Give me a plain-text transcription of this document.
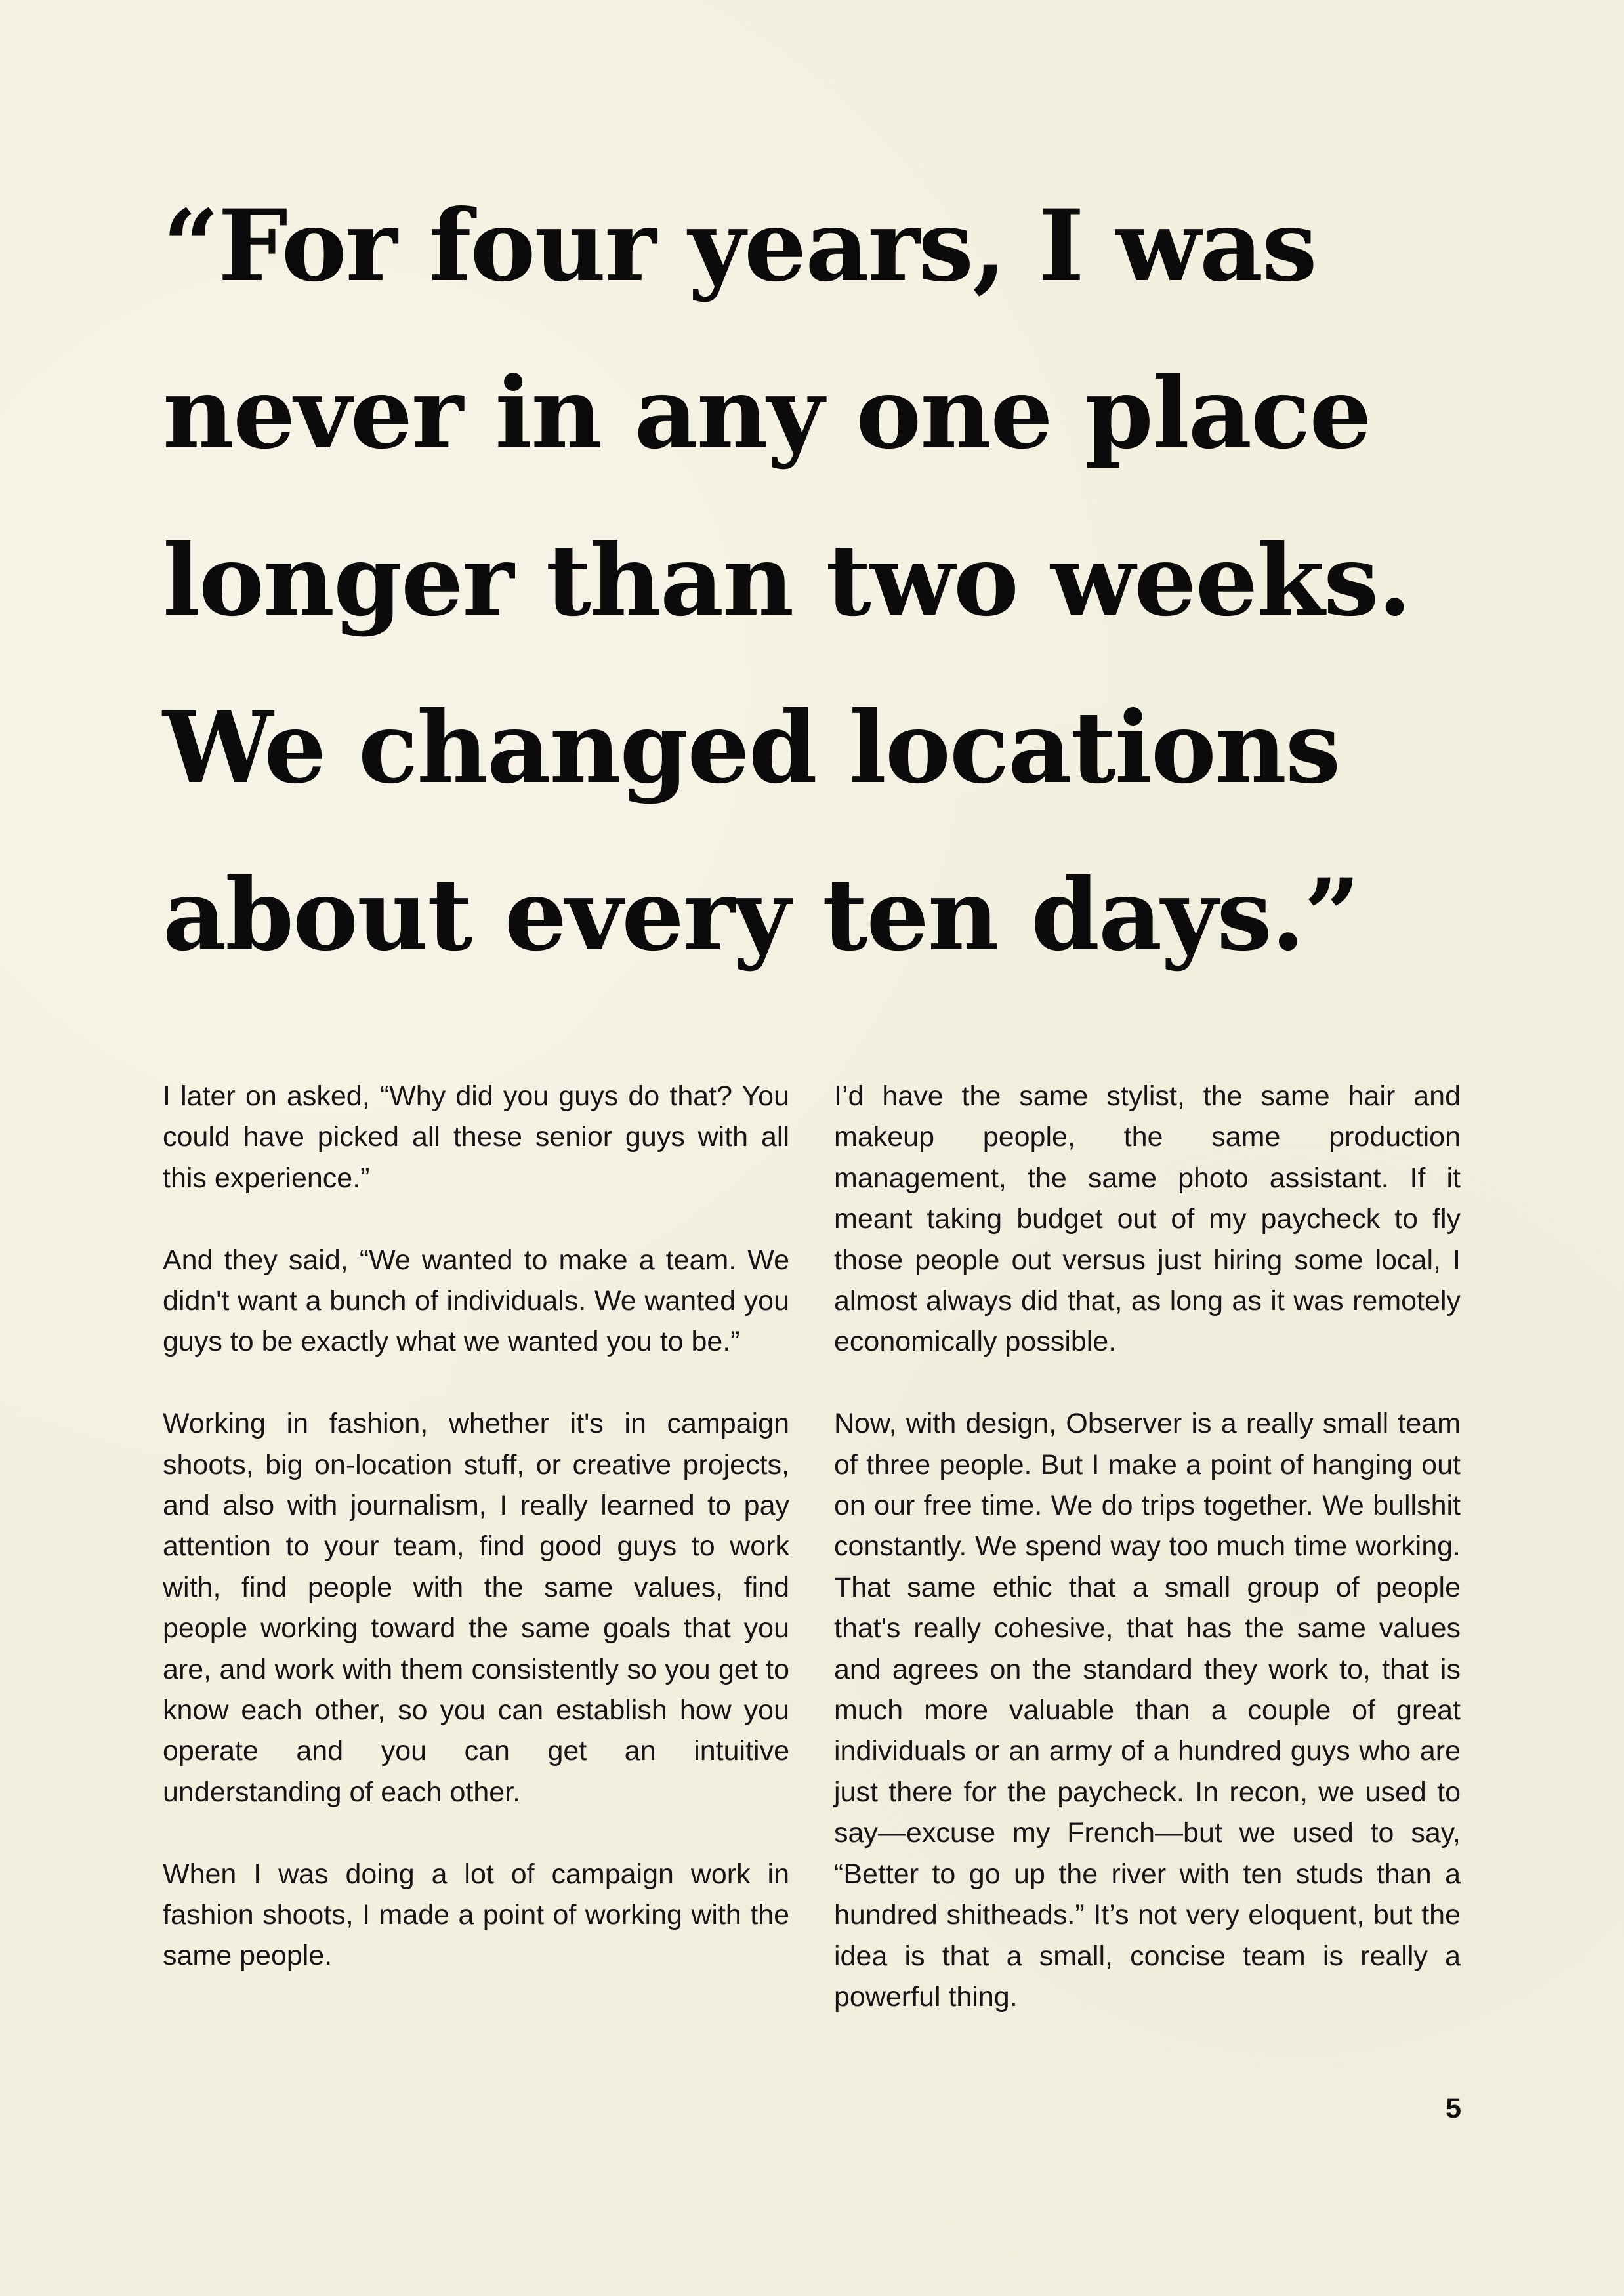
“For four years, I was
never in any one place
longer than two weeks.
We changed locations
about every ten days.”

I later on asked, “Why did you guys do that? You could have picked all these senior guys with all this experience.”

And they said, “We wanted to make a team. We didn't want a bunch of individuals. We wanted you guys to be exactly what we wanted you to be.”

Working in fashion, whether it's in campaign shoots, big on-location stuff, or creative projects, and also with journalism, I really learned to pay attention to your team, find good guys to work with, find people with the same values, find people working toward the same goals that you are, and work with them consistently so you get to know each other, so you can establish how you operate and you can get an intuitive understanding of each other.

When I was doing a lot of campaign work in fashion shoots, I made a point of working with the same people.

I’d have the same stylist, the same hair and makeup people, the same production management, the same photo assistant. If it meant taking budget out of my paycheck to fly those people out versus just hiring some local, I almost always did that, as long as it was remotely economically possible.

Now, with design, Observer is a really small team of three people. But I make a point of hanging out on our free time. We do trips together. We bullshit constantly. We spend way too much time working. That same ethic that a small group of people that's really cohesive, that has the same values and agrees on the standard they work to, that is much more valuable than a couple of great individuals or an army of a hundred guys who are just there for the paycheck. In recon, we used to say—excuse my French—but we used to say, “Better to go up the river with ten studs than a hundred shitheads.” It’s not very eloquent, but the idea is that a small, concise team is really a powerful thing.

5
